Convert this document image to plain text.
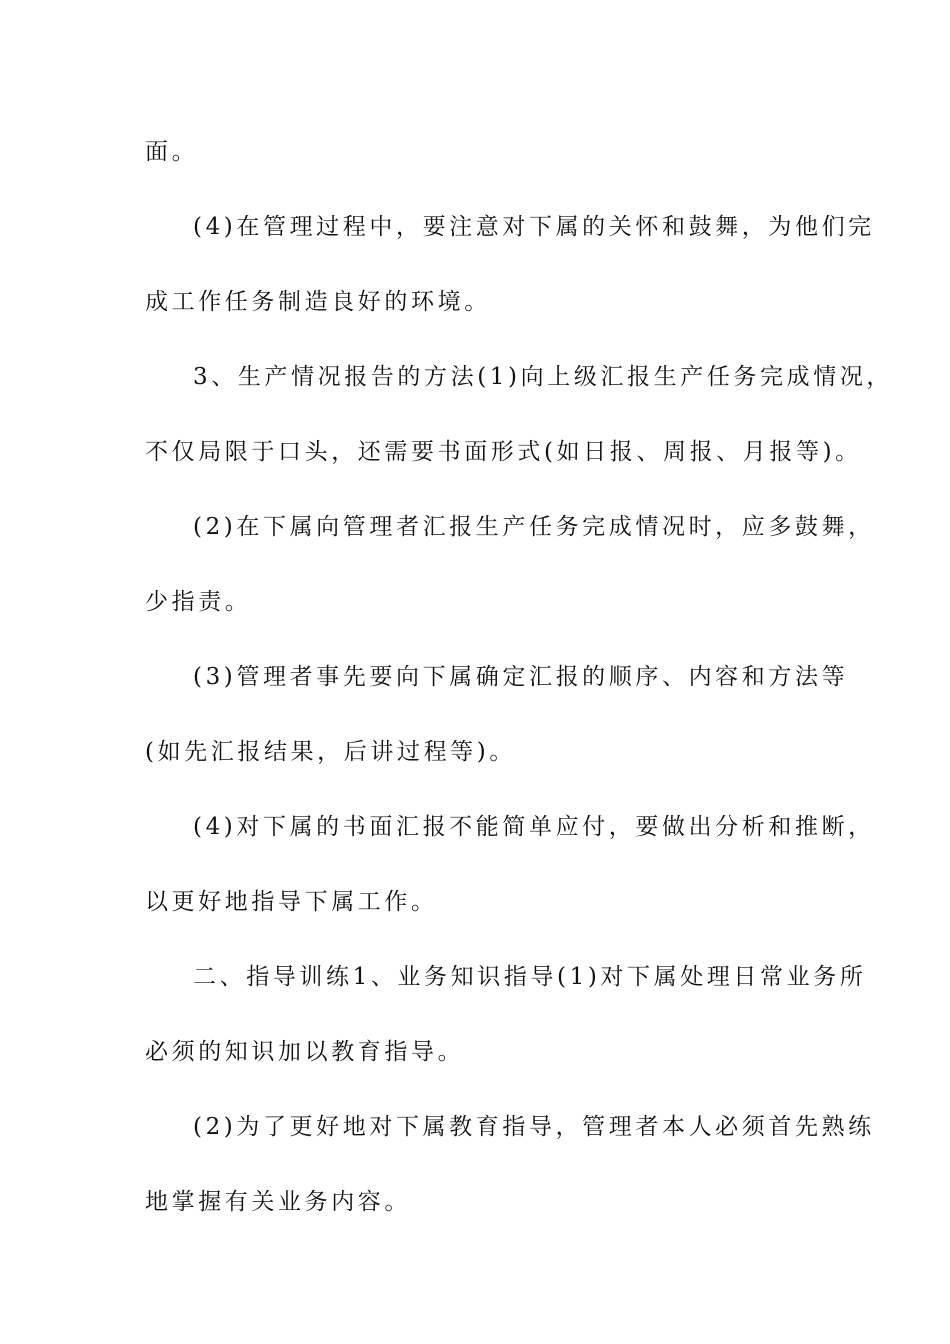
面。
(4)在管理过程中，要注意对下属的关怀和鼓舞，为他们完
成工作任务制造良好的环境。
3、生产情况报告的方法(1)向上级汇报生产任务完成情况，
不仅局限于口头，还需要书面形式(如日报、周报、月报等)。
(2)在下属向管理者汇报生产任务完成情况时，应多鼓舞，
少指责。
(3)管理者事先要向下属确定汇报的顺序、内容和方法等
(如先汇报结果，后讲过程等)。
(4)对下属的书面汇报不能简单应付，要做出分析和推断，
以更好地指导下属工作。
二、指导训练1、业务知识指导(1)对下属处理日常业务所
必须的知识加以教育指导。
(2)为了更好地对下属教育指导，管理者本人必须首先熟练
地掌握有关业务内容。
